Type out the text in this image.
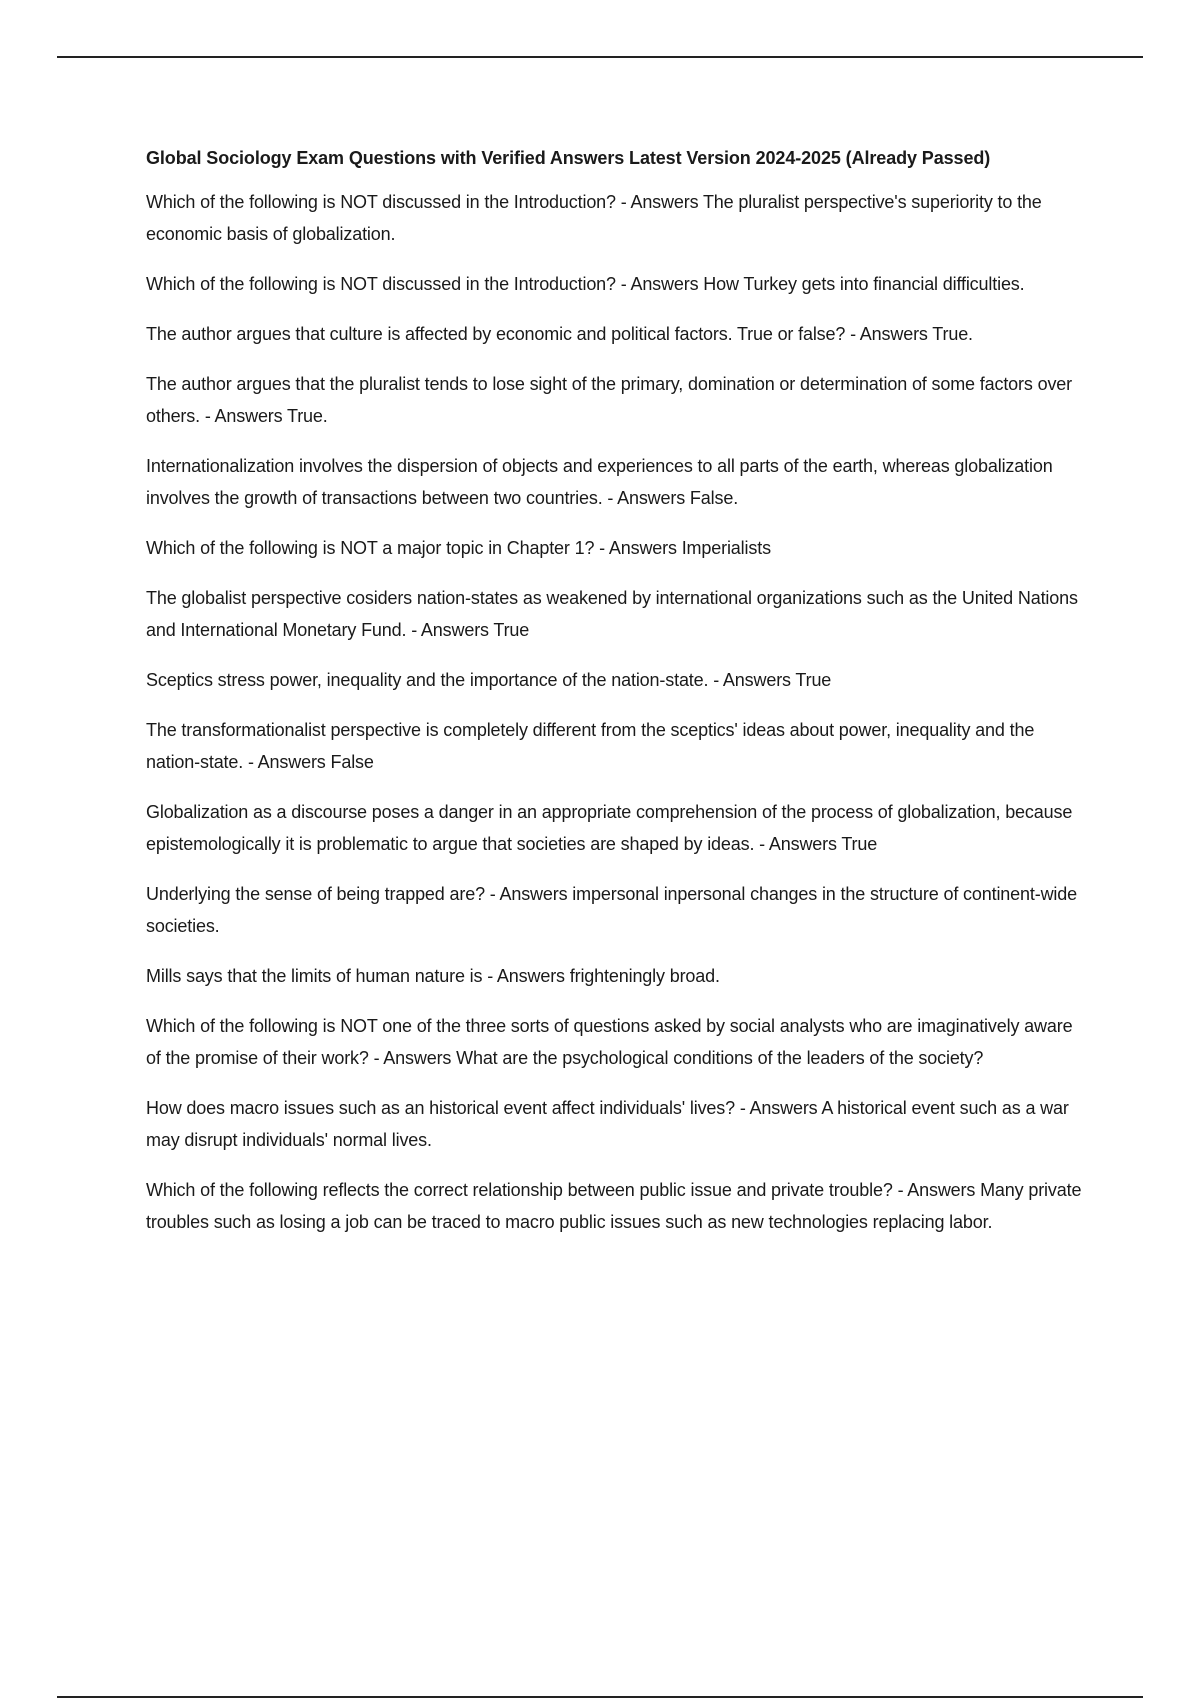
Global Sociology Exam Questions with Verified Answers Latest Version 2024-2025 (Already Passed)
Which of the following is NOT discussed in the Introduction? - Answers The pluralist perspective's superiority to the economic basis of globalization.
Which of the following is NOT discussed in the Introduction? - Answers How Turkey gets into financial difficulties.
The author argues that culture is affected by economic and political factors. True or false? - Answers True.
The author argues that the pluralist tends to lose sight of the primary, domination or determination of some factors over others. - Answers True.
Internationalization involves the dispersion of objects and experiences to all parts of the earth, whereas globalization involves the growth of transactions between two countries. - Answers False.
Which of the following is NOT a major topic in Chapter 1? - Answers Imperialists
The globalist perspective cosiders nation-states as weakened by international organizations such as the United Nations and International Monetary Fund. - Answers True
Sceptics stress power, inequality and the importance of the nation-state. - Answers True
The transformationalist perspective is completely different from the sceptics' ideas about power, inequality and the nation-state. - Answers False
Globalization as a discourse poses a danger in an appropriate comprehension of the process of globalization, because epistemologically it is problematic to argue that societies are shaped by ideas. - Answers True
Underlying the sense of being trapped are? - Answers impersonal inpersonal changes in the structure of continent-wide societies.
Mills says that the limits of human nature is - Answers frighteningly broad.
Which of the following is NOT one of the three sorts of questions asked by social analysts who are imaginatively aware of the promise of their work? - Answers What are the psychological conditions of the leaders of the society?
How does macro issues such as an historical event affect individuals' lives? - Answers A historical event such as a war may disrupt individuals' normal lives.
Which of the following reflects the correct relationship between public issue and private trouble? - Answers Many private troubles such as losing a job can be traced to macro public issues such as new technologies replacing labor.
